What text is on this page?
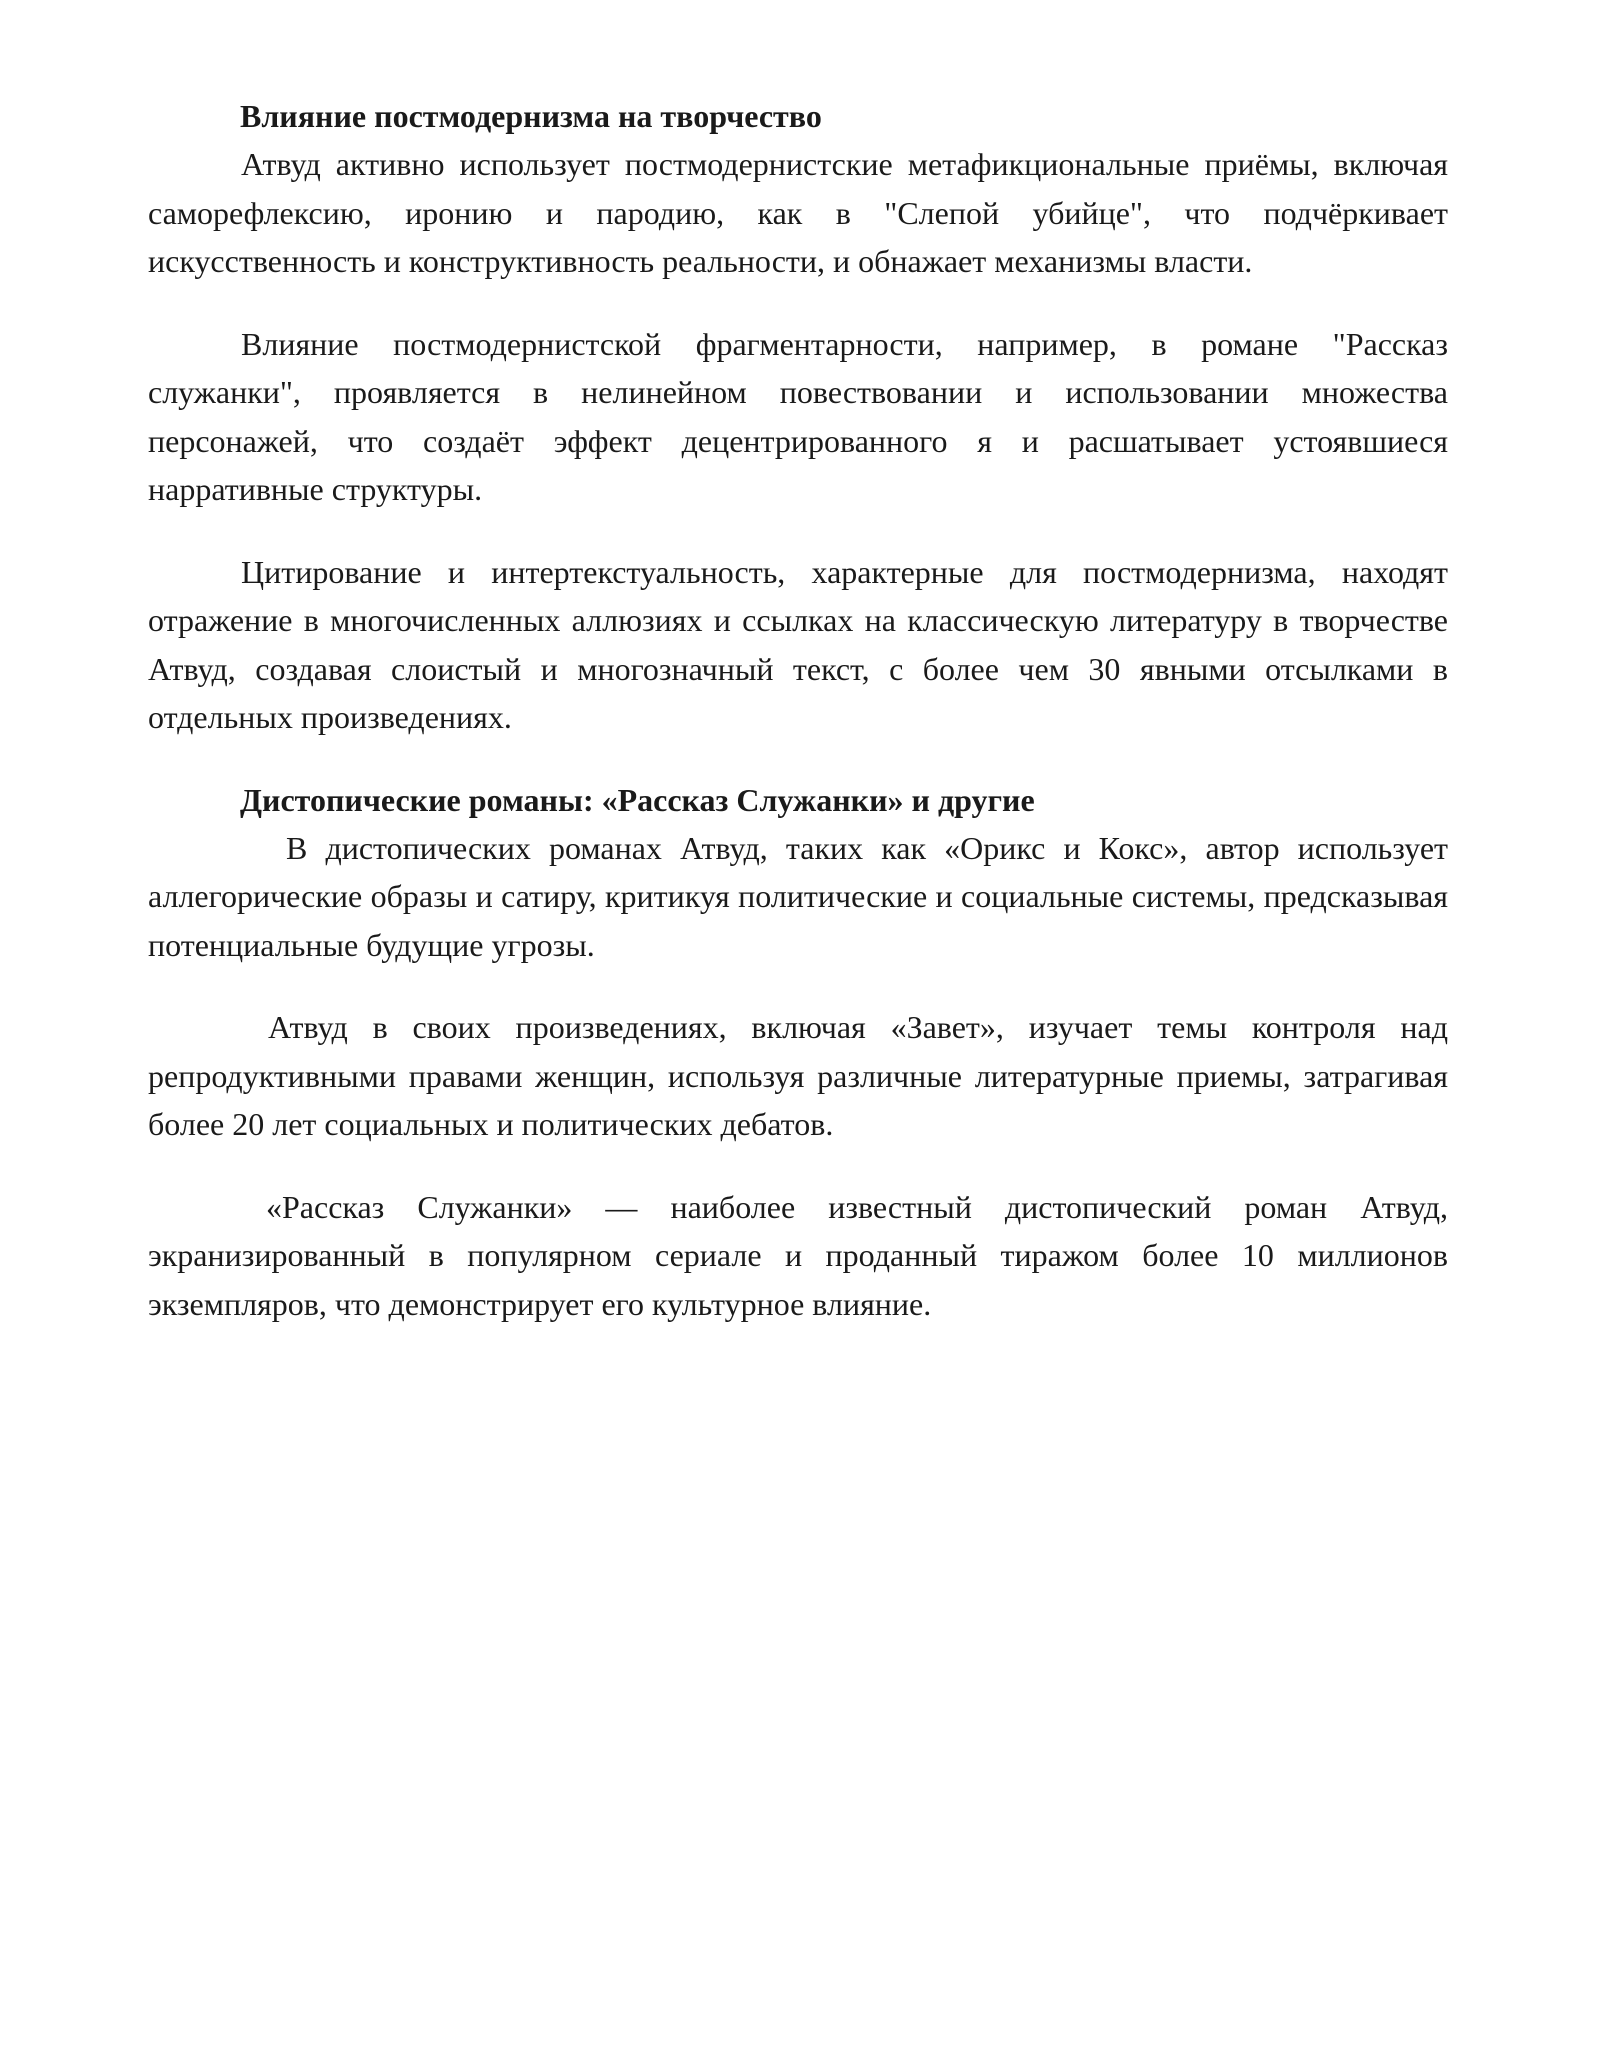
Влияние постмодернизма на творчество

Атвуд активно использует постмодернистские метафикциональные приёмы, включая саморефлексию, иронию и пародию, как в "Слепой убийце", что подчёркивает искусственность и конструктивность реальности, и обнажает механизмы власти.

Влияние постмодернистской фрагментарности, например, в романе "Рассказ служанки", проявляется в нелинейном повествовании и использовании множества персонажей, что создаёт эффект децентрированного я и расшатывает устоявшиеся нарративные структуры.

Цитирование и интертекстуальность, характерные для постмодернизма, находят отражение в многочисленных аллюзиях и ссылках на классическую литературу в творчестве Атвуд, создавая слоистый и многозначный текст, с более чем 30 явными отсылками в отдельных произведениях.

Дистопические романы: «Рассказ Служанки» и другие

В дистопических романах Атвуд, таких как «Орикс и Кокс», автор использует аллегорические образы и сатиру, критикуя политические и социальные системы, предсказывая потенциальные будущие угрозы.

Атвуд в своих произведениях, включая «Завет», изучает темы контроля над репродуктивными правами женщин, используя различные литературные приемы, затрагивая более 20 лет социальных и политических дебатов.

«Рассказ Служанки» — наиболее известный дистопический роман Атвуд, экранизированный в популярном сериале и проданный тиражом более 10 миллионов экземпляров, что демонстрирует его культурное влияние.
